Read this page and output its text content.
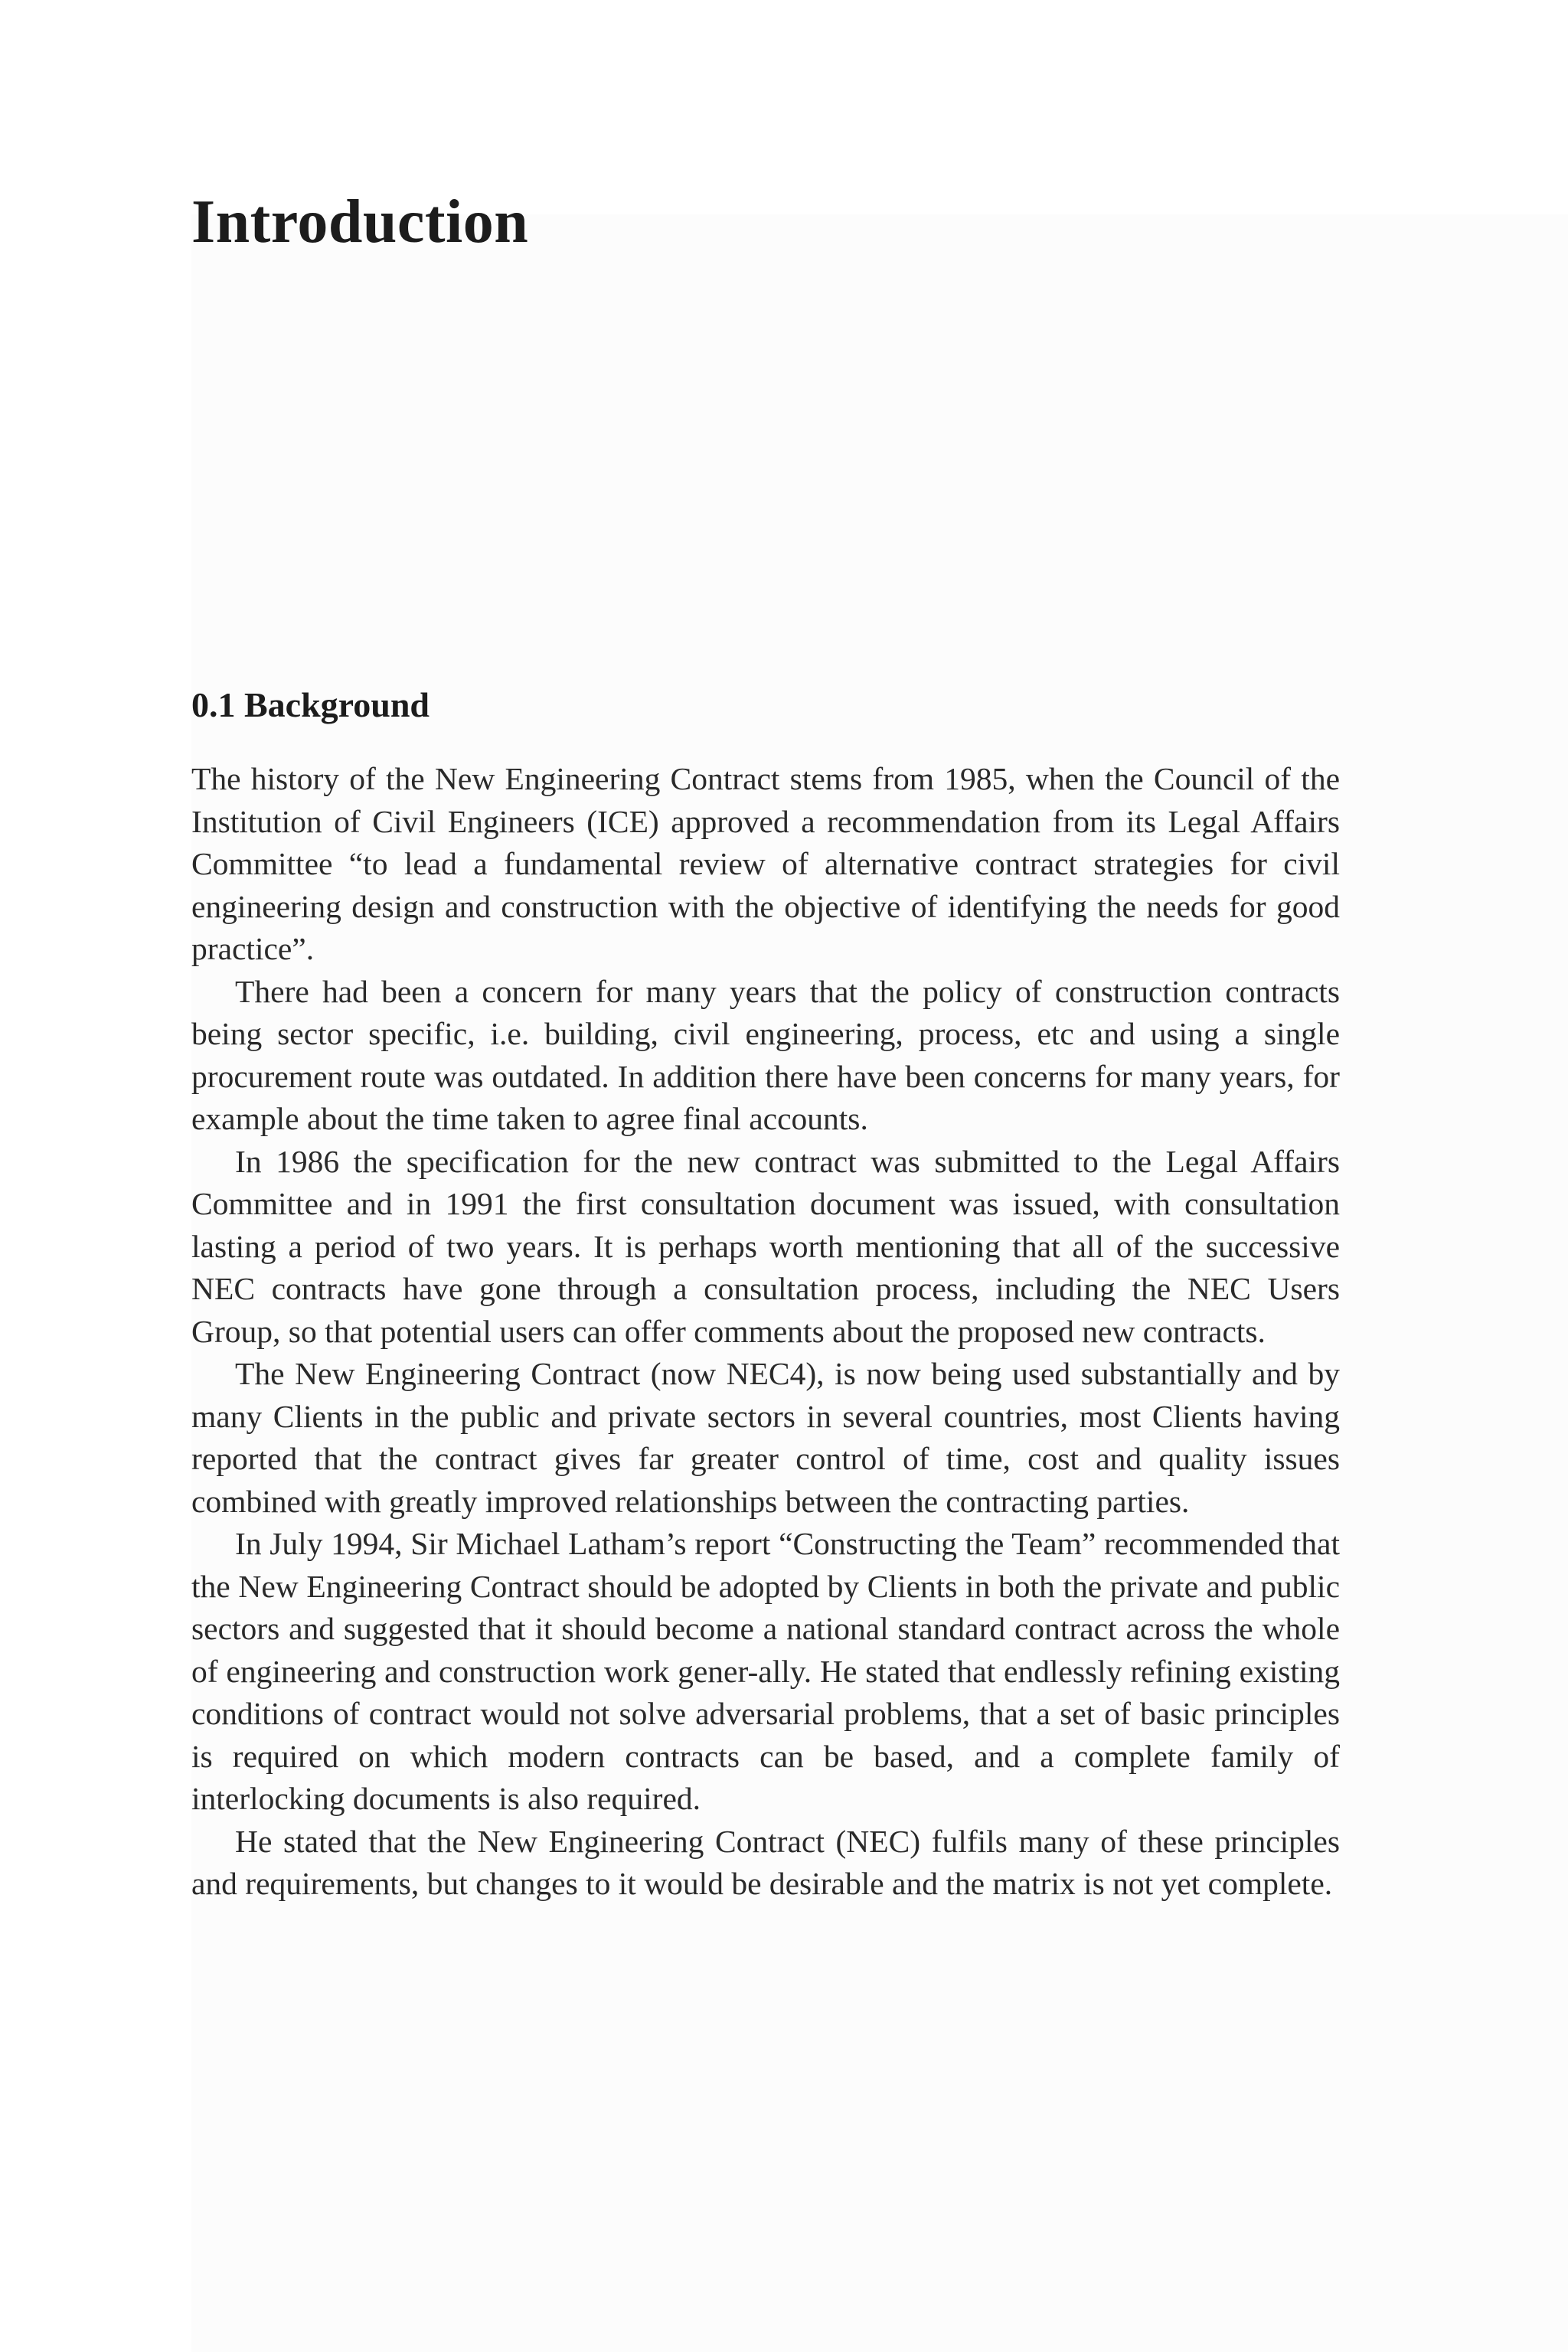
Introduction
0.1 Background

The history of the New Engineering Contract stems from 1985, when the Council of the Institution of Civil Engineers (ICE) approved a recommendation from its Legal Affairs Committee “to lead a fundamental review of alternative contract strategies for civil engineering design and construction with the objective of identifying the needs for good practice”.

There had been a concern for many years that the policy of construction contracts being sector specific, i.e. building, civil engineering, process, etc and using a single procurement route was outdated. In addition there have been concerns for many years, for example about the time taken to agree final accounts.

In 1986 the specification for the new contract was submitted to the Legal Affairs Committee and in 1991 the first consultation document was issued, with consultation lasting a period of two years. It is perhaps worth mentioning that all of the successive NEC contracts have gone through a consultation process, including the NEC Users Group, so that potential users can offer comments about the proposed new contracts.

The New Engineering Contract (now NEC4), is now being used substantially and by many Clients in the public and private sectors in several countries, most Clients having reported that the contract gives far greater control of time, cost and quality issues combined with greatly improved relationships between the contracting parties.

In July 1994, Sir Michael Latham’s report “Constructing the Team” recommended that the New Engineering Contract should be adopted by Clients in both the private and public sectors and suggested that it should become a national standard contract across the whole of engineering and construction work gener-ally. He stated that endlessly refining existing conditions of contract would not solve adversarial problems, that a set of basic principles is required on which modern contracts can be based, and a complete family of interlocking documents is also required.

He stated that the New Engineering Contract (NEC) fulfils many of these principles and requirements, but changes to it would be desirable and the matrix is not yet complete.
